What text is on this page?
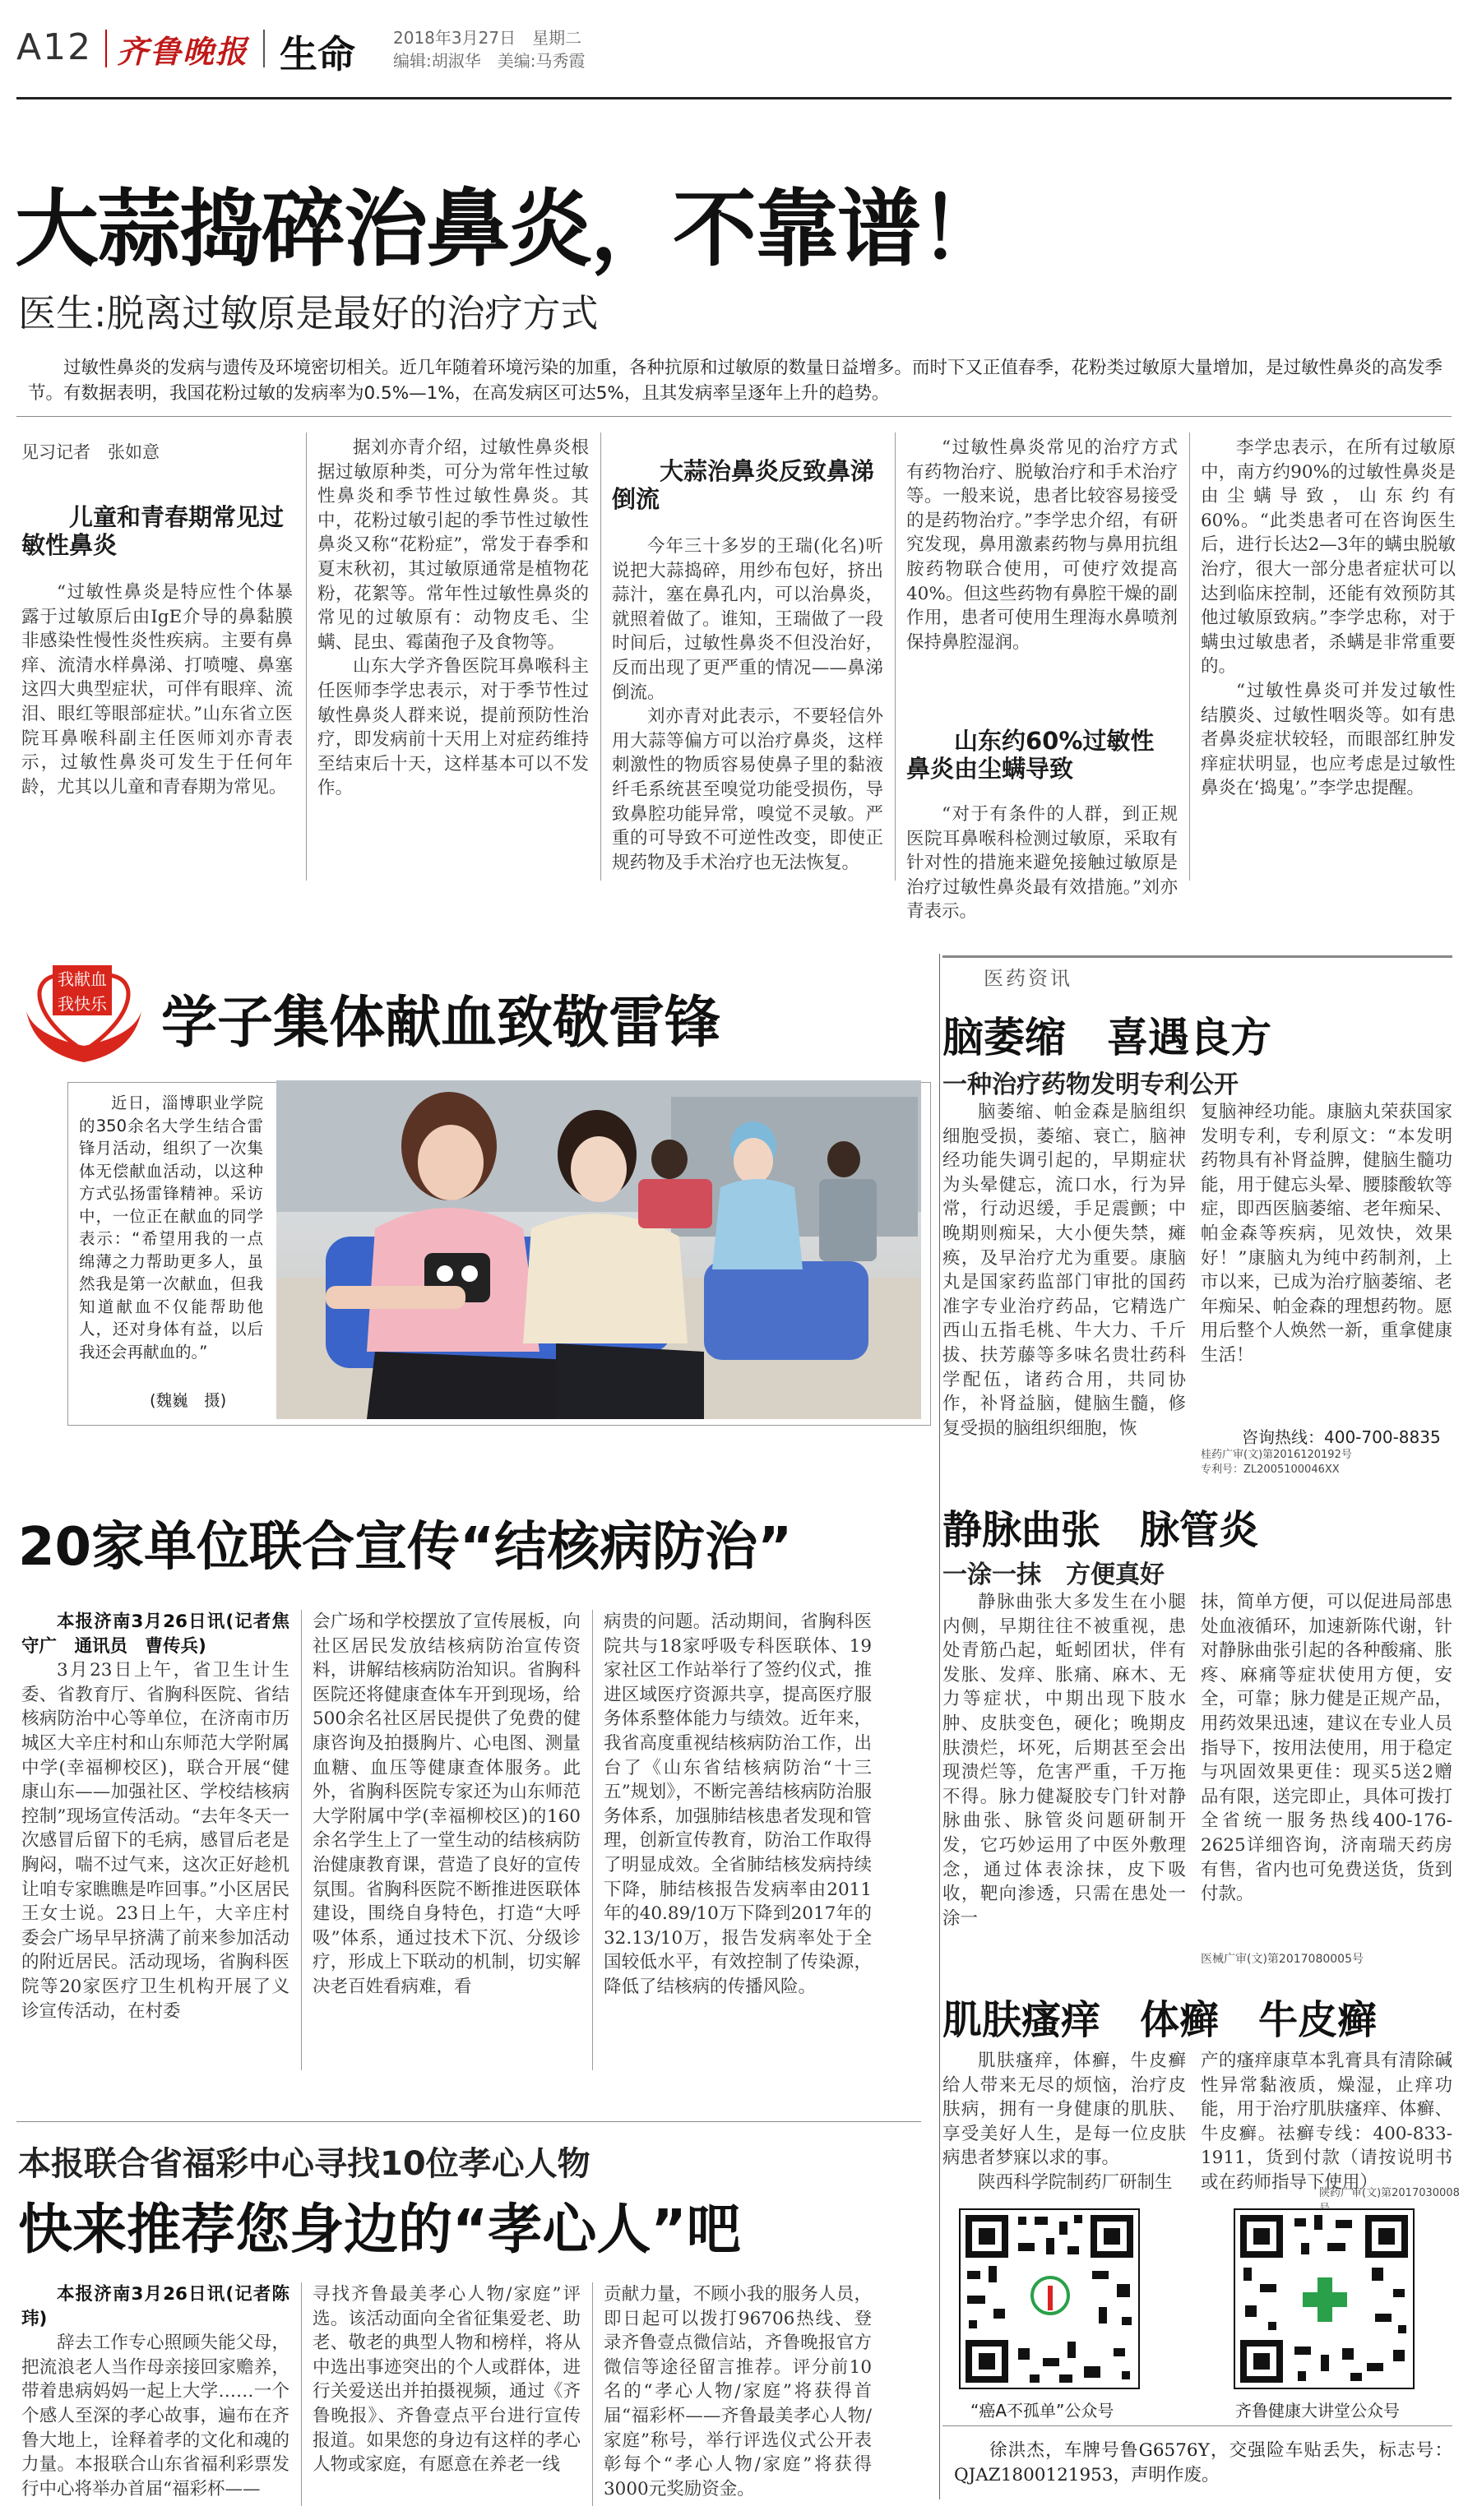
A12 齐鲁晚报 生命 2018年3月27日　星期二
编辑:胡淑华　美编:马秀霞
大蒜捣碎治鼻炎，不靠谱！
医生:脱离过敏原是最好的治疗方式
过敏性鼻炎的发病与遗传及环境密切相关。近几年随着环境污染的加重，各种抗原和过敏原的数量日益增多。而时下又正值春季，花粉类过敏原大量增加，是过敏性鼻炎的高发季节。有数据表明，我国花粉过敏的发病率为0.5%—1%，在高发病区可达5%，且其发病率呈逐年上升的趋势。
见习记者　张如意
儿童和青春期常见过敏性鼻炎

“过敏性鼻炎是特应性个体暴露于过敏原后由IgE介导的鼻黏膜非感染性慢性炎性疾病。主要有鼻痒、流清水样鼻涕、打喷嚏、鼻塞这四大典型症状，可伴有眼痒、流泪、眼红等眼部症状。”山东省立医院耳鼻喉科副主任医师刘亦青表示，过敏性鼻炎可发生于任何年龄，尤其以儿童和青春期为常见。

据刘亦青介绍，过敏性鼻炎根据过敏原种类，可分为常年性过敏性鼻炎和季节性过敏性鼻炎。其中，花粉过敏引起的季节性过敏性鼻炎又称“花粉症”，常发于春季和夏末秋初，其过敏原通常是植物花粉，花絮等。常年性过敏性鼻炎的常见的过敏原有：动物皮毛、尘螨、昆虫、霉菌孢子及食物等。

山东大学齐鲁医院耳鼻喉科主任医师李学忠表示，对于季节性过敏性鼻炎人群来说，提前预防性治疗，即发病前十天用上对症药维持至结束后十天，这样基本可以不发作。

大蒜治鼻炎反致鼻涕倒流

今年三十多岁的王瑞(化名)听说把大蒜捣碎，用纱布包好，挤出蒜汁，塞在鼻孔内，可以治鼻炎，就照着做了。谁知，王瑞做了一段时间后，过敏性鼻炎不但没治好，反而出现了更严重的情况——鼻涕倒流。

刘亦青对此表示，不要轻信外用大蒜等偏方可以治疗鼻炎，这样刺激性的物质容易使鼻子里的黏液纤毛系统甚至嗅觉功能受损伤，导致鼻腔功能异常，嗅觉不灵敏。严重的可导致不可逆性改变，即使正规药物及手术治疗也无法恢复。

“过敏性鼻炎常见的治疗方式有药物治疗、脱敏治疗和手术治疗等。一般来说，患者比较容易接受的是药物治疗。”李学忠介绍，有研究发现，鼻用激素药物与鼻用抗组胺药物联合使用，可使疗效提高40%。但这些药物有鼻腔干燥的副作用，患者可使用生理海水鼻喷剂保持鼻腔湿润。

山东约60%过敏性鼻炎由尘螨导致

“对于有条件的人群，到正规医院耳鼻喉科检测过敏原，采取有针对性的措施来避免接触过敏原是治疗过敏性鼻炎最有效措施。”刘亦青表示。

李学忠表示，在所有过敏原中，南方约90%的过敏性鼻炎是由尘螨导致，山东约有60%。“此类患者可在咨询医生后，进行长达2—3年的螨虫脱敏治疗，很大一部分患者症状可以达到临床控制，还能有效预防其他过敏原致病。”李学忠称，对于螨虫过敏患者，杀螨是非常重要的。

“过敏性鼻炎可并发过敏性结膜炎、过敏性咽炎等。如有患者鼻炎症状较轻，而眼部红肿发痒症状明显，也应考虑是过敏性鼻炎在‘捣鬼’。”李学忠提醒。

我献血
我快乐 学子集体献血致敬雷锋
近日，淄博职业学院的350余名大学生结合雷锋月活动，组织了一次集体无偿献血活动，以这种方式弘扬雷锋精神。采访中，一位正在献血的同学表示：“希望用我的一点绵薄之力帮助更多人，虽然我是第一次献血，但我知道献血不仅能帮助他人，还对身体有益，以后我还会再献血的。”
(魏巍　摄)
20家单位联合宣传“结核病防治”

本报济南3月26日讯(记者焦守广　通讯员　曹传兵)

3月23日上午，省卫生计生委、省教育厅、省胸科医院、省结核病防治中心等单位，在济南市历城区大辛庄村和山东师范大学附属中学(幸福柳校区)，联合开展“健康山东——加强社区、学校结核病控制”现场宣传活动。“去年冬天一次感冒后留下的毛病，感冒后老是胸闷，喘不过气来，这次正好趁机让咱专家瞧瞧是咋回事。”小区居民王女士说。23日上午，大辛庄村委会广场早早挤满了前来参加活动的附近居民。活动现场，省胸科医院等20家医疗卫生机构开展了义诊宣传活动，在村委

会广场和学校摆放了宣传展板，向社区居民发放结核病防治宣传资料，讲解结核病防治知识。省胸科医院还将健康查体车开到现场，给500余名社区居民提供了免费的健康咨询及拍摄胸片、心电图、测量血糖、血压等健康查体服务。此外，省胸科医院专家还为山东师范大学附属中学(幸福柳校区)的160余名学生上了一堂生动的结核病防治健康教育课，营造了良好的宣传氛围。省胸科医院不断推进医联体建设，围绕自身特色，打造“大呼吸”体系，通过技术下沉、分级诊疗，形成上下联动的机制，切实解决老百姓看病难，看

病贵的问题。活动期间，省胸科医院共与18家呼吸专科医联体、19家社区工作站举行了签约仪式，推进区域医疗资源共享，提高医疗服务体系整体能力与绩效。近年来，我省高度重视结核病防治工作，出台了《山东省结核病防治“十三五”规划》，不断完善结核病防治服务体系，加强肺结核患者发现和管理，创新宣传教育，防治工作取得了明显成效。全省肺结核发病持续下降，肺结核报告发病率由2011年的40.89/10万下降到2017年的32.13/10万，报告发病率处于全国较低水平，有效控制了传染源，降低了结核病的传播风险。

本报联合省福彩中心寻找10位孝心人物
快来推荐您身边的“孝心人”吧

本报济南3月26日讯(记者陈玮)

辞去工作专心照顾失能父母，把流浪老人当作母亲接回家赡养，带着患病妈妈一起上大学……一个个感人至深的孝心故事，遍布在齐鲁大地上，诠释着孝的文化和魂的力量。本报联合山东省福利彩票发行中心将举办首届“福彩杯——

寻找齐鲁最美孝心人物/家庭”评选。该活动面向全省征集爱老、助老、敬老的典型人物和榜样，将从中选出事迹突出的个人或群体，进行关爱送出并拍摄视频，通过《齐鲁晚报》、齐鲁壹点平台进行宣传报道。如果您的身边有这样的孝心人物或家庭，有愿意在养老一线

贡献力量，不顾小我的服务人员，即日起可以拨打96706热线、登录齐鲁壹点微信站，齐鲁晚报官方微信等途径留言推荐。评分前10名的“孝心人物/家庭”将获得首届“福彩杯——齐鲁最美孝心人物/家庭”称号，举行评选仪式公开表彰每个“孝心人物/家庭”将获得3000元奖励资金。

医药资讯
脑萎缩　喜遇良方
一种治疗药物发明专利公开

脑萎缩、帕金森是脑组织细胞受损，萎缩、衰亡，脑神经功能失调引起的，早期症状为头晕健忘，流口水，行为异常，行动迟缓，手足震颤；中晚期则痴呆，大小便失禁，瘫痪，及早治疗尤为重要。康脑丸是国家药监部门审批的国药准字专业治疗药品，它精选广西山五指毛桃、牛大力、千斤拔、扶芳藤等多味名贵壮药科学配伍，诸药合用，共同协作，补肾益脑，健脑生髓，修复受损的脑组织细胞，恢

复脑神经功能。康脑丸荣获国家发明专利，专利原文：“本发明药物具有补肾益脾，健脑生髓功能，用于健忘头晕、腰膝酸软等症，即西医脑萎缩、老年痴呆、帕金森等疾病，见效快，效果好！”康脑丸为纯中药制剂，上市以来，已成为治疗脑萎缩、老年痴呆、帕金森的理想药物。愿用后整个人焕然一新，重拿健康生活！

咨询热线：400-700-8835
桂药广审(文)第2016120192号
专利号：ZL2005100046XX
静脉曲张　脉管炎
一涂一抹　方便真好

静脉曲张大多发生在小腿内侧，早期往往不被重视，患处青筋凸起，蚯蚓团状，伴有发胀、发痒、胀痛、麻木、无力等症状，中期出现下肢水肿、皮肤变色，硬化；晚期皮肤溃烂，坏死，后期甚至会出现溃烂等，危害严重，千万拖不得。脉力健凝胶专门针对静脉曲张、脉管炎问题研制开发，它巧妙运用了中医外敷理念，通过体表涂抹，皮下吸收，靶向渗透，只需在患处一涂一

抹，简单方便，可以促进局部患处血液循环，加速新陈代谢，针对静脉曲张引起的各种酸痛、胀疼、麻痛等症状使用方便，安全，可靠；脉力健是正规产品，用药效果迅速，建议在专业人员指导下，按用法使用，用于稳定与巩固效果更佳：现买5送2赠品有限，送完即止，具体可拨打全省统一服务热线400-176-2625详细咨询，济南瑞天药房有售，省内也可免费送货，货到付款。

医械广审(文)第2017080005号
肌肤瘙痒　体癣　牛皮癣

肌肤瘙痒，体癣，牛皮癣给人带来无尽的烦恼，治疗皮肤病，拥有一身健康的肌肤、享受美好人生，是每一位皮肤病患者梦寐以求的事。

陕西科学院制药厂研制生

产的瘙痒康草本乳膏具有清除碱性异常黏液质，燥湿，止痒功能，用于治疗肌肤瘙痒、体癣、牛皮癣。祛癣专线：400-833-1911，货到付款（请按说明书或在药师指导下使用）

陕药广审(文)第2017030008
“癌A不孤单”公众号	齐鲁健康大讲堂公众号
徐洪杰，车牌号鲁G6576Y，交强险车贴丢失，标志号：QJAZ1800121953，声明作废。
